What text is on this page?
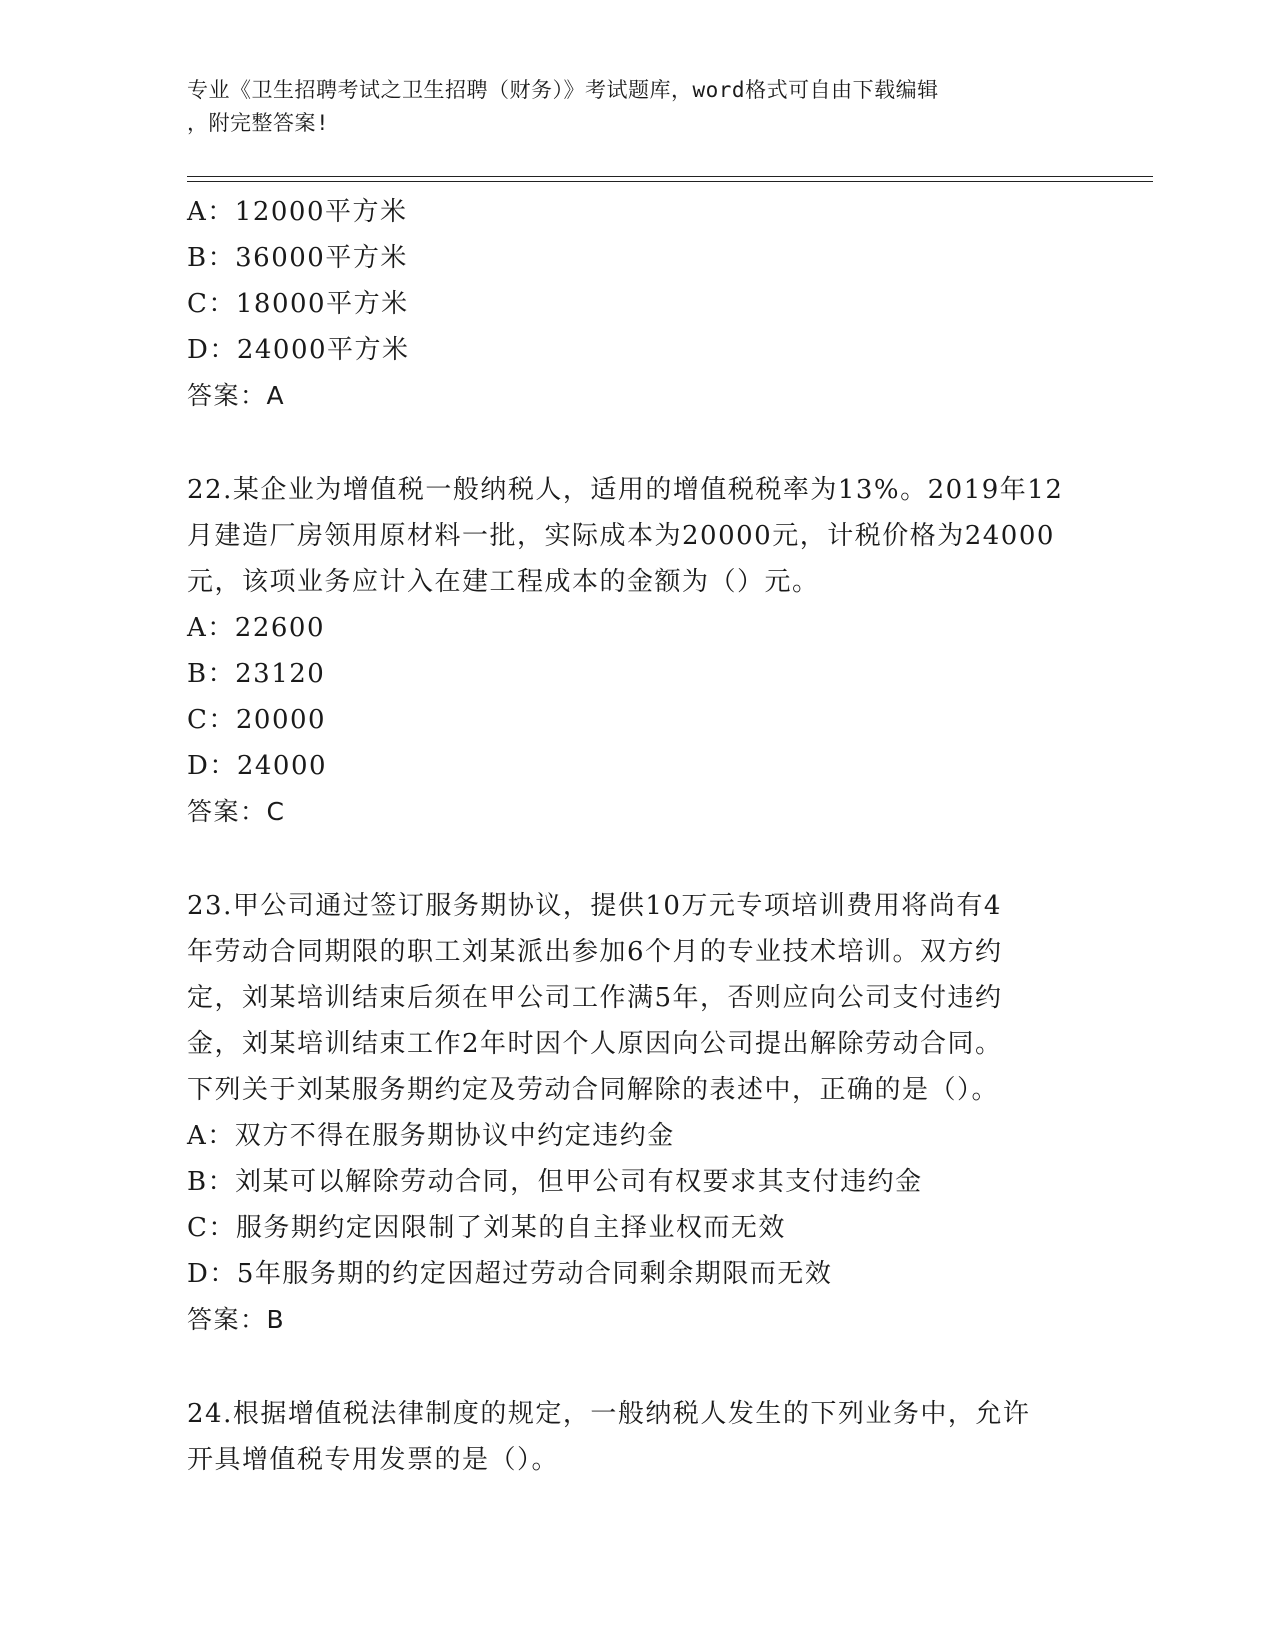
专业《卫生招聘考试之卫生招聘（财务）》考试题库，word格式可自由下载编辑
，附完整答案!
A：12000平方米
B：36000平方米
C：18000平方米
D：24000平方米
答案：A
22.某企业为增值税一般纳税人，适用的增值税税率为13%。2019年12
月建造厂房领用原材料一批，实际成本为20000元，计税价格为24000
元，该项业务应计入在建工程成本的金额为（）元。
A：22600
B：23120
C：20000
D：24000
答案：C
23.甲公司通过签订服务期协议，提供10万元专项培训费用将尚有4
年劳动合同期限的职工刘某派出参加6个月的专业技术培训。双方约
定，刘某培训结束后须在甲公司工作满5年，否则应向公司支付违约
金，刘某培训结束工作2年时因个人原因向公司提出解除劳动合同。
下列关于刘某服务期约定及劳动合同解除的表述中，正确的是（）。
A：双方不得在服务期协议中约定违约金
B：刘某可以解除劳动合同，但甲公司有权要求其支付违约金
C：服务期约定因限制了刘某的自主择业权而无效
D：5年服务期的约定因超过劳动合同剩余期限而无效
答案：B
24.根据增值税法律制度的规定，一般纳税人发生的下列业务中，允许
开具增值税专用发票的是（）。
